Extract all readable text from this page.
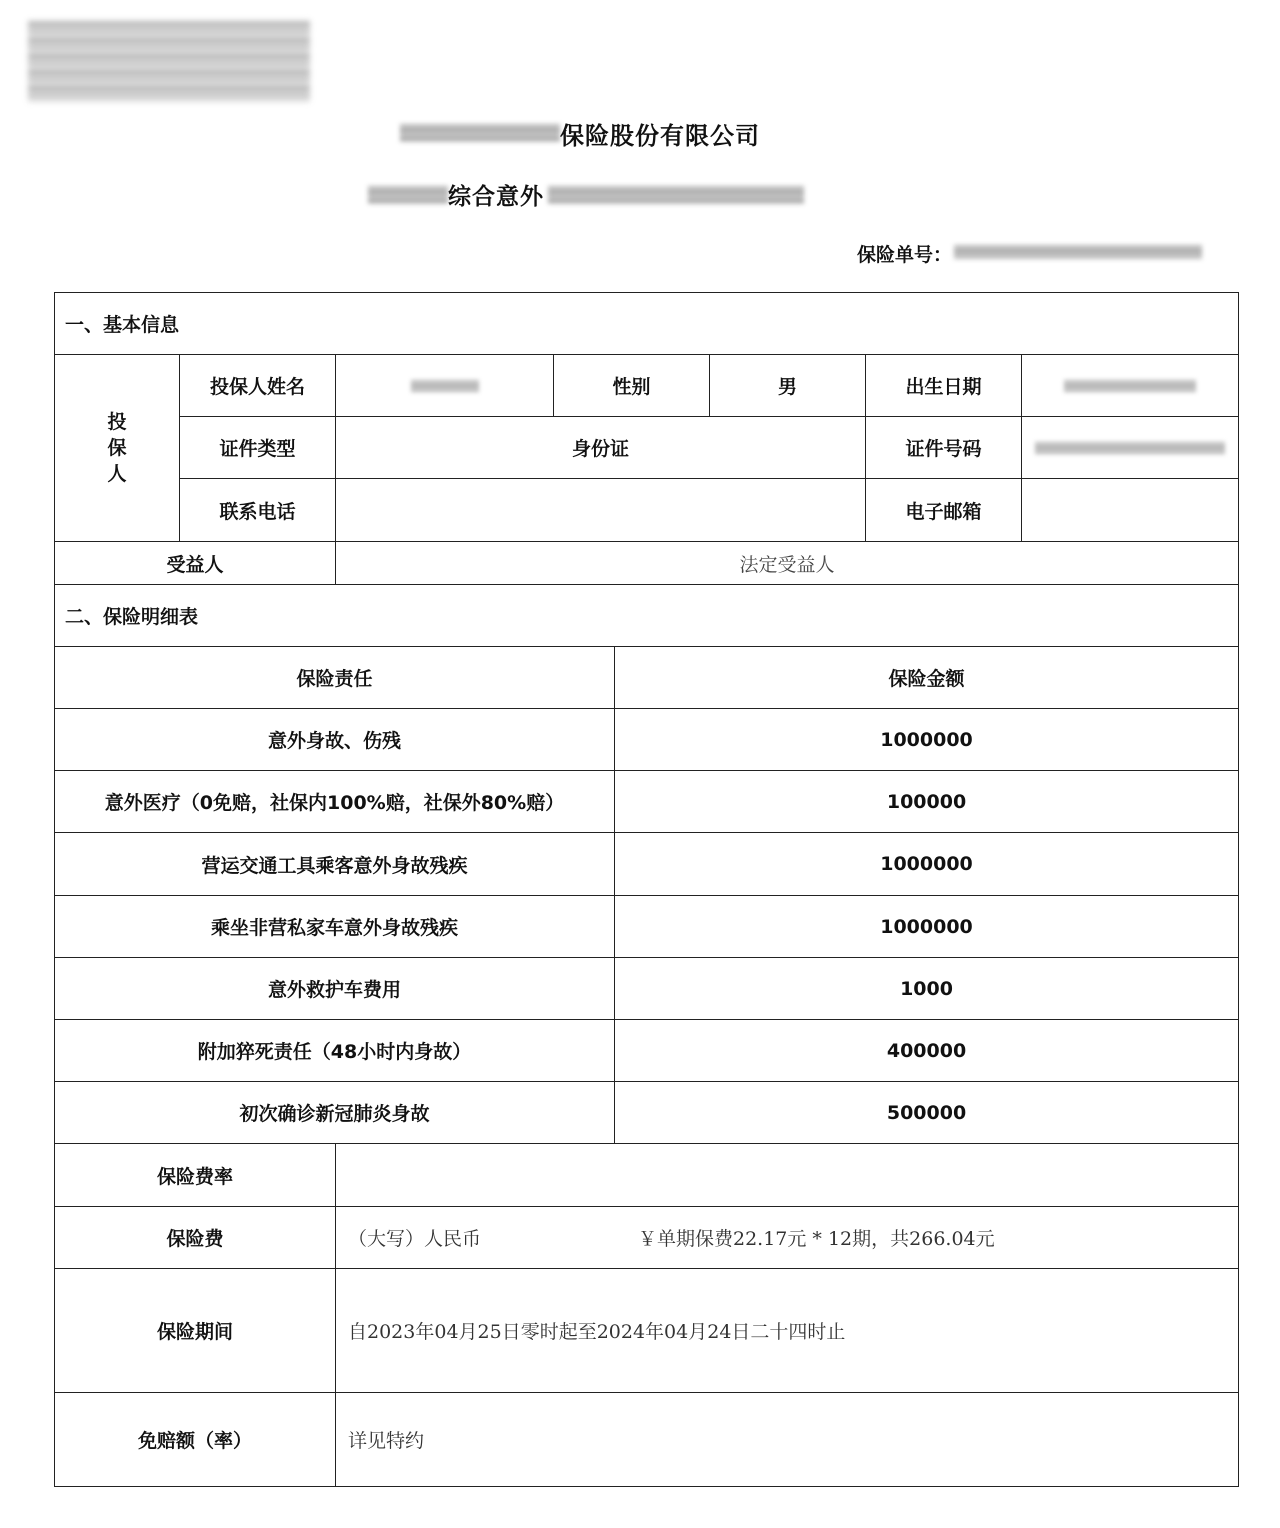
保险股份有限公司
综合意外
保险单号：
一、基本信息							
投
保
人	投保人姓名		性别		男	出生日期	
	证件类型	身份证				证件号码	
	联系电话					电子邮箱	
受益人		法定受益人					
二、保险明细表							
保险责任				保险金额			
意外身故、伤残				1000000			
意外医疗（0免赔，社保内100%赔，社保外80%赔）				100000			
营运交通工具乘客意外身故残疾				1000000			
乘坐非营私家车意外身故残疾				1000000			
意外救护车费用				1000			
附加猝死责任（48小时内身故）				400000			
初次确诊新冠肺炎身故				500000			
保险费率							
保险费		（大写）人民币 ￥单期保费22.17元 * 12期，共266.04元					
保险期间		自2023年04月25日零时起至2024年04月24日二十四时止					
免赔额（率）		详见特约					
